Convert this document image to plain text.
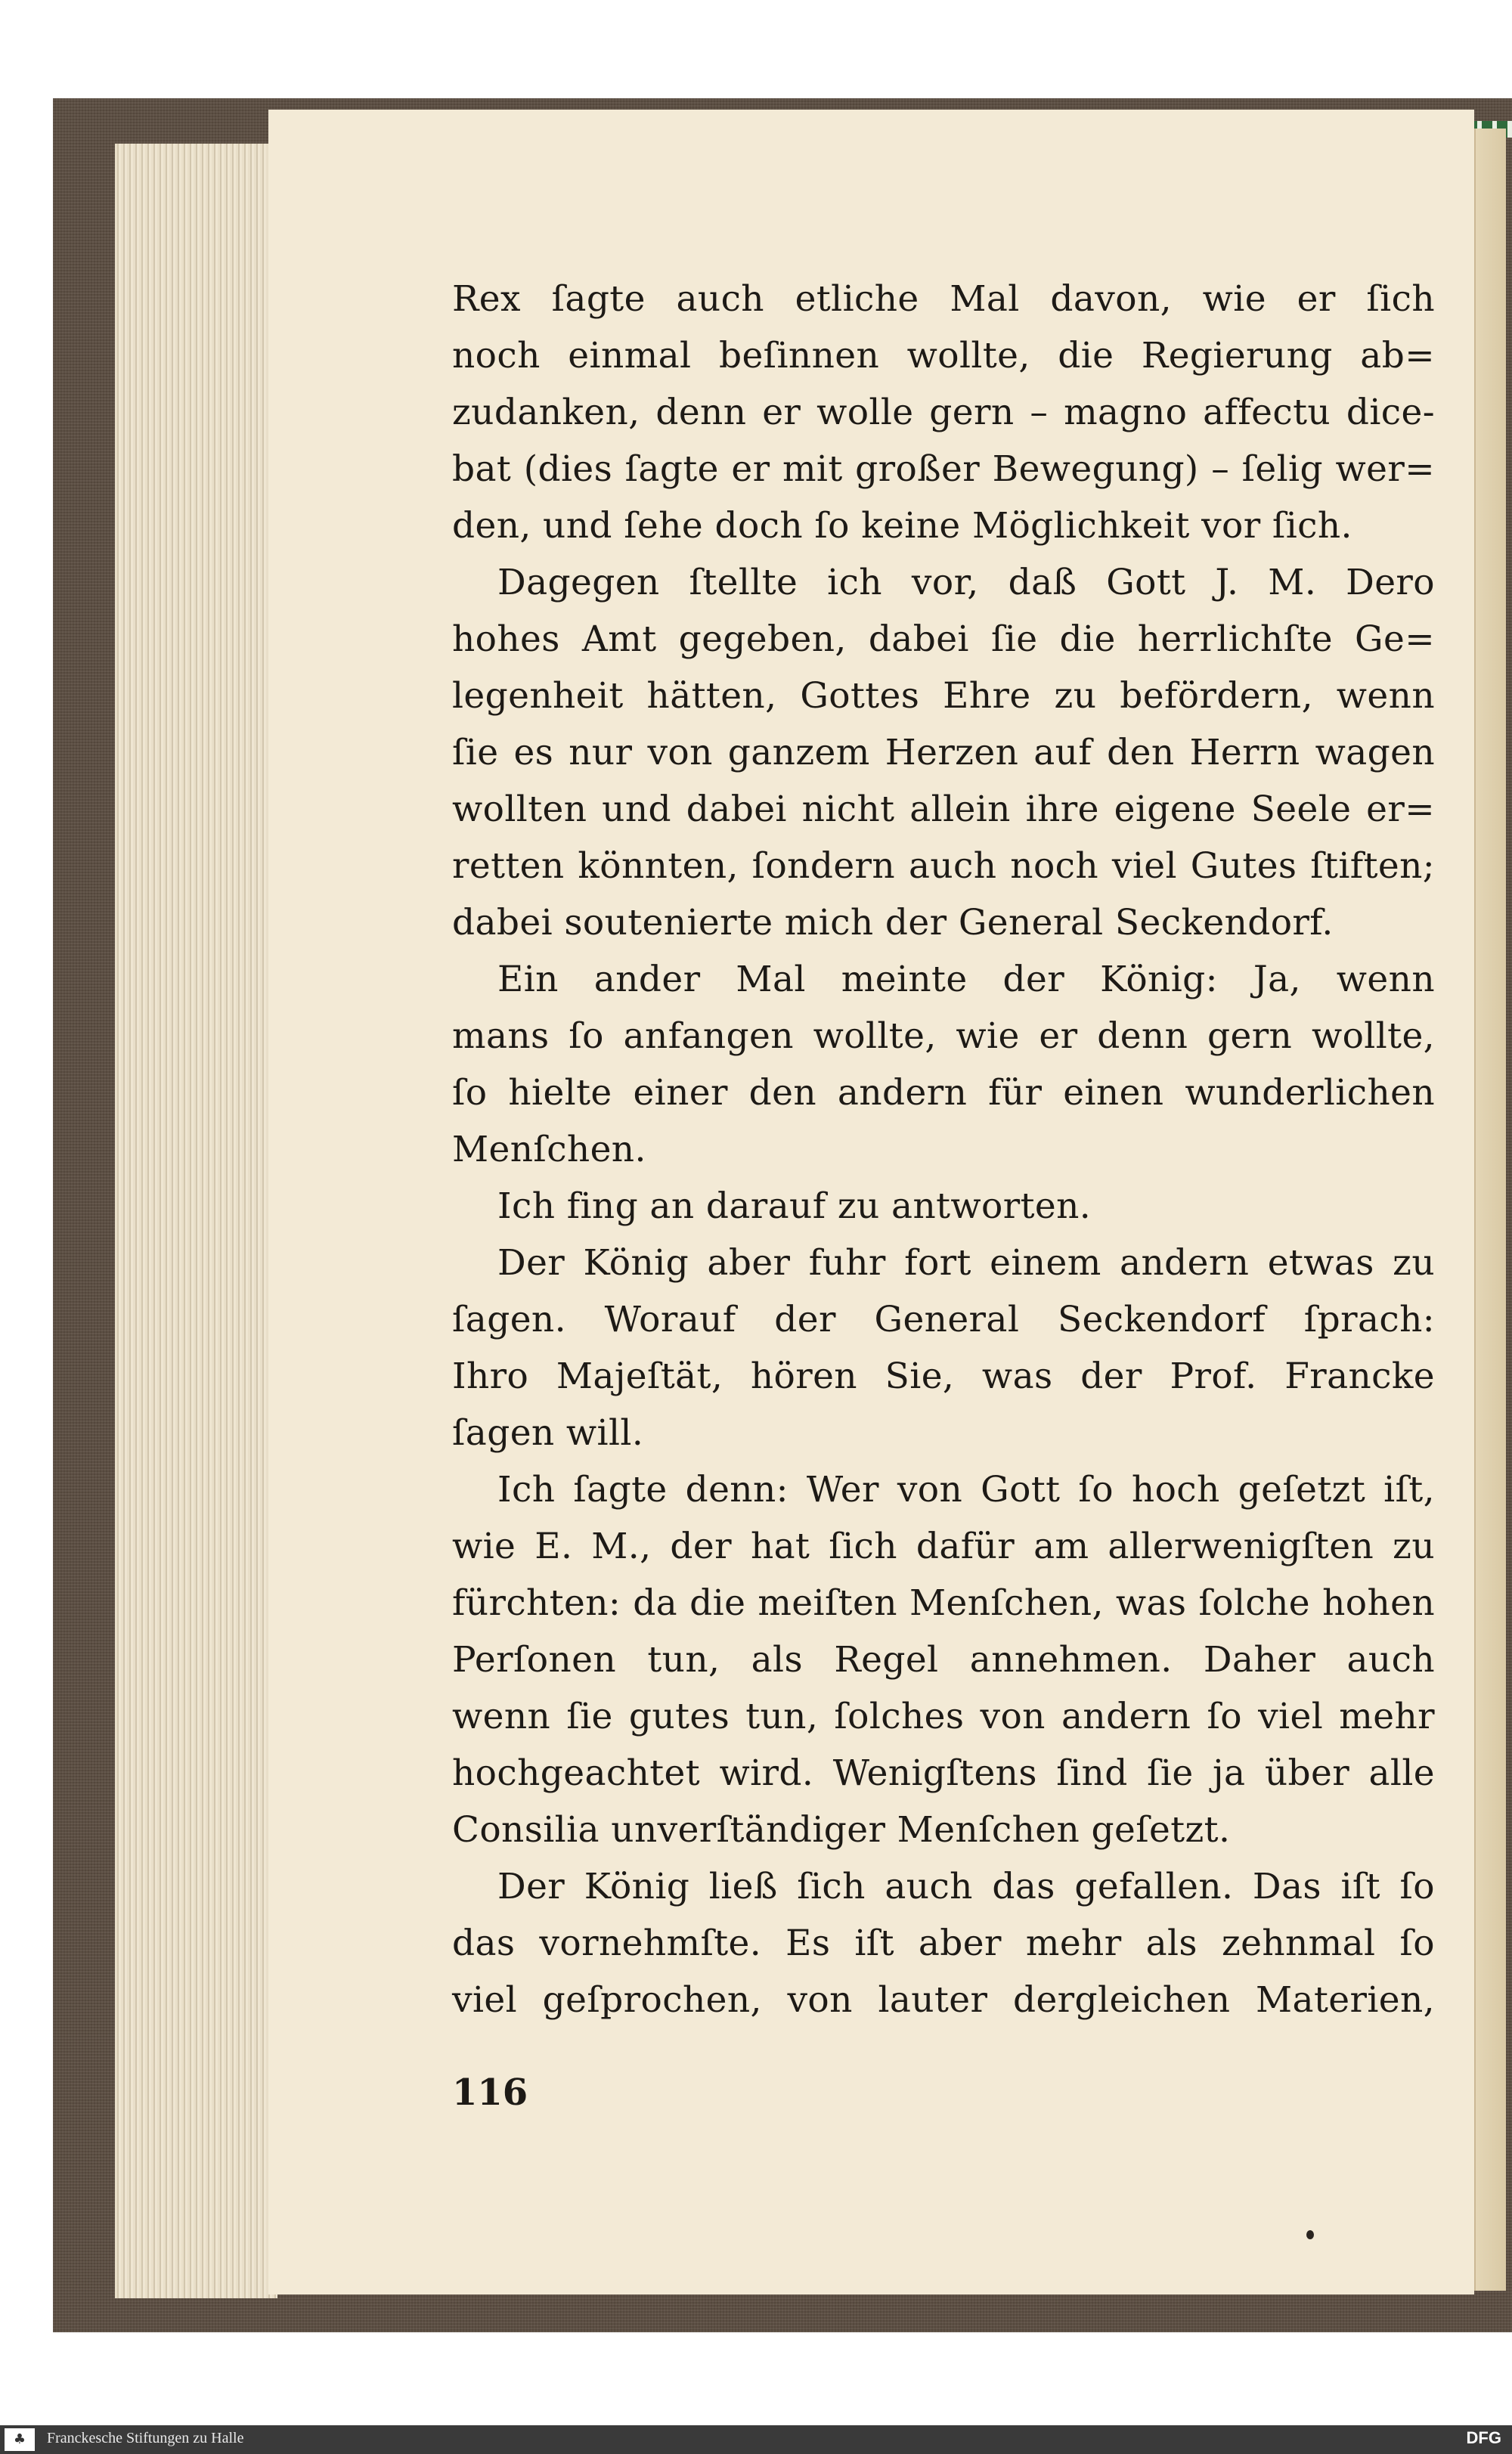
Rex ſagte auch etliche Mal davon, wie er ſich
noch einmal beſinnen wollte, die Regierung ab=
zudanken, denn er wolle gern – magno affectu dice-
bat (dies ſagte er mit großer Bewegung) – ſelig wer=
den, und ſehe doch ſo keine Möglichkeit vor ſich.
Dagegen ſtellte ich vor, daß Gott J. M. Dero
hohes Amt gegeben, dabei ſie die herrlichſte Ge=
legenheit hätten, Gottes Ehre zu befördern, wenn
ſie es nur von ganzem Herzen auf den Herrn wagen
wollten und dabei nicht allein ihre eigene Seele er=
retten könnten, ſondern auch noch viel Gutes ſtiften;
dabei soutenierte mich der General Seckendorf.
Ein ander Mal meinte der König: Ja, wenn
mans ſo anfangen wollte, wie er denn gern wollte,
ſo hielte einer den andern für einen wunderlichen
Menſchen.
Ich fing an darauf zu antworten.
Der König aber fuhr fort einem andern etwas zu
ſagen. Worauf der General Seckendorf ſprach:
Ihro Majeſtät, hören Sie, was der Prof. Francke
ſagen will.
Ich ſagte denn: Wer von Gott ſo hoch geſetzt iſt,
wie E. M., der hat ſich dafür am allerwenigſten zu
fürchten: da die meiſten Menſchen, was ſolche hohen
Perſonen tun, als Regel annehmen. Daher auch
wenn ſie gutes tun, ſolches von andern ſo viel mehr
hochgeachtet wird. Wenigſtens ſind ſie ja über alle
Consilia unverſtändiger Menſchen geſetzt.
Der König ließ ſich auch das gefallen. Das iſt ſo
das vornehmſte. Es iſt aber mehr als zehnmal ſo
viel geſprochen, von lauter dergleichen Materien,
116
♣	Franckesche Stiftungen zu Halle	DFG
